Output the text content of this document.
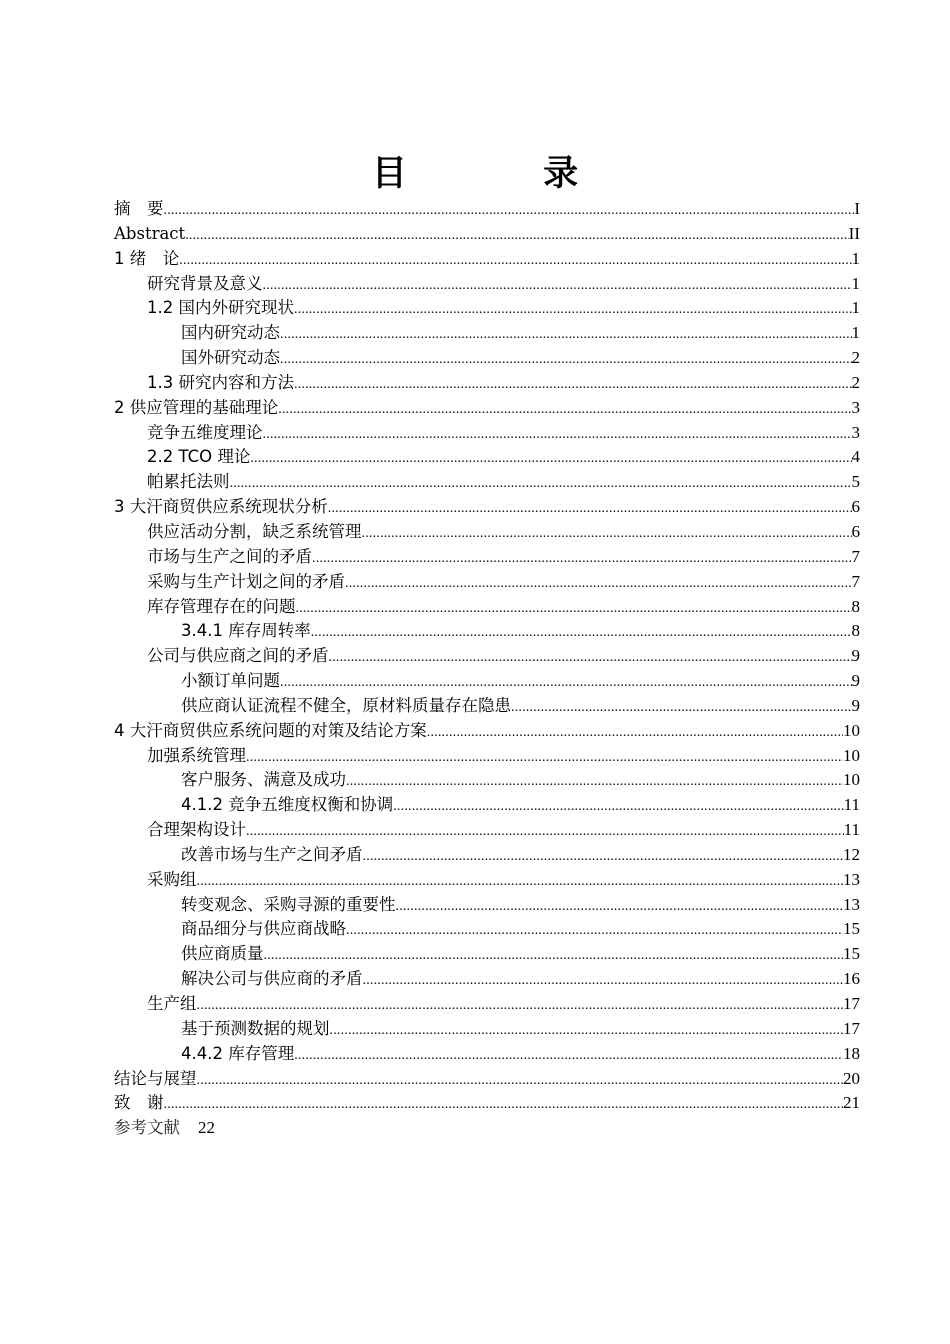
目 录
摘　要 .....	I
Abstract .....	II
1 绪　论 .....	1
研究背景及意义 .....	1
1.2 国内外研究现状 .....	1
国内研究动态 .....	1
国外研究动态 .....	2
1.3 研究内容和方法 .....	2
2 供应管理的基础理论 .....	3
竞争五维度理论 .....	3
2.2 TCO 理论 .....	4
帕累托法则 .....	5
3 大汗商贸供应系统现状分析 .....	6
供应活动分割，缺乏系统管理 .....	6
市场与生产之间的矛盾 .....	7
采购与生产计划之间的矛盾 .....	7
库存管理存在的问题 .....	8
3.4.1 库存周转率 .....	8
公司与供应商之间的矛盾 .....	9
小额订单问题 .....	9
供应商认证流程不健全，原材料质量存在隐患 .....	9
4 大汗商贸供应系统问题的对策及结论方案 .....	10
加强系统管理 .....	10
客户服务、满意及成功 .....	10
4.1.2 竞争五维度权衡和协调 .....	11
合理架构设计 .....	11
改善市场与生产之间矛盾 .....	12
采购组 .....	13
转变观念、采购寻源的重要性 .....	13
商品细分与供应商战略 .....	15
供应商质量 .....	15
解决公司与供应商的矛盾 .....	16
生产组 .....	17
基于预测数据的规划 .....	17
4.4.2 库存管理 .....	18
结论与展望 .....	20
致　谢 .....	21
参考文献 22
